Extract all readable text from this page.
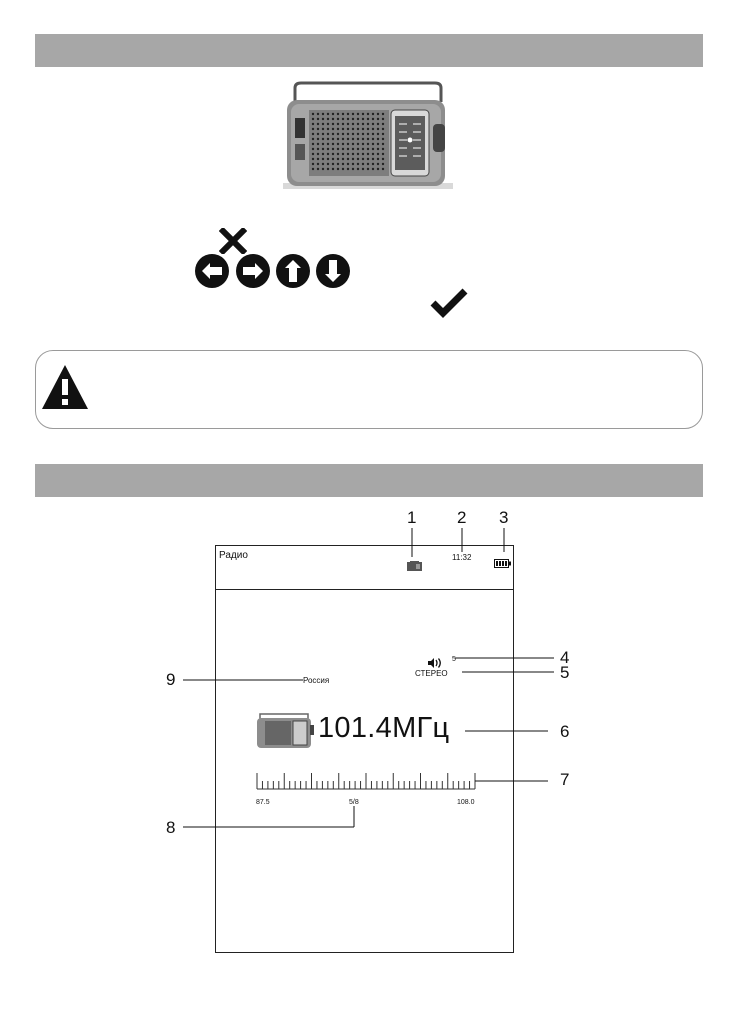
Радио	11:32
5
СТЕРЕО
Россия
101.4МГц
87.5	5/8	108.0
1 2 3
4
5
6
7
8
9
